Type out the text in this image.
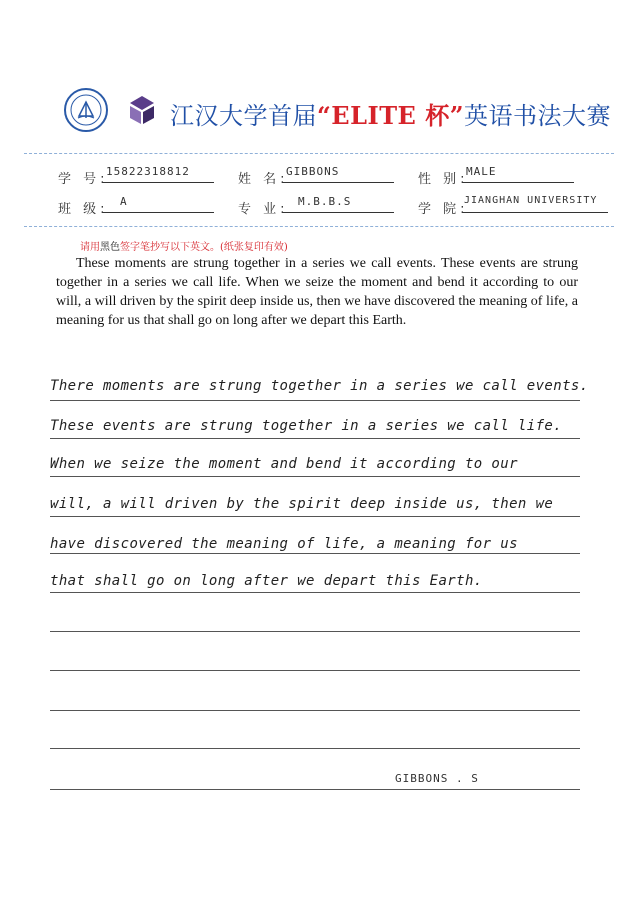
江汉大学首届“ELITE 杯”英语书法大赛
学 号:
15822318812
姓 名:
GIBBONS
性 别:
MALE
班 级:
A
专 业:
M.B.B.S
学 院:
JIANGHAN UNIVERSITY
请用黑色签字笔抄写以下英文。(纸张复印有效)
These moments are strung together in a series we call events. These events are strung together in a series we call life. When we seize the moment and bend it according to our will, a will driven by the spirit deep inside us, then we have discovered the meaning of life, a meaning for us that shall go on long after we depart this Earth.
There moments are strung together in a series we call events.
These events are strung together in a series we call life.
When we seize the moment and bend it according to our
will, a will driven by the spirit deep inside us, then we
have discovered the meaning of life, a meaning for us
that shall go on long after we depart this Earth.
GIBBONS . S
